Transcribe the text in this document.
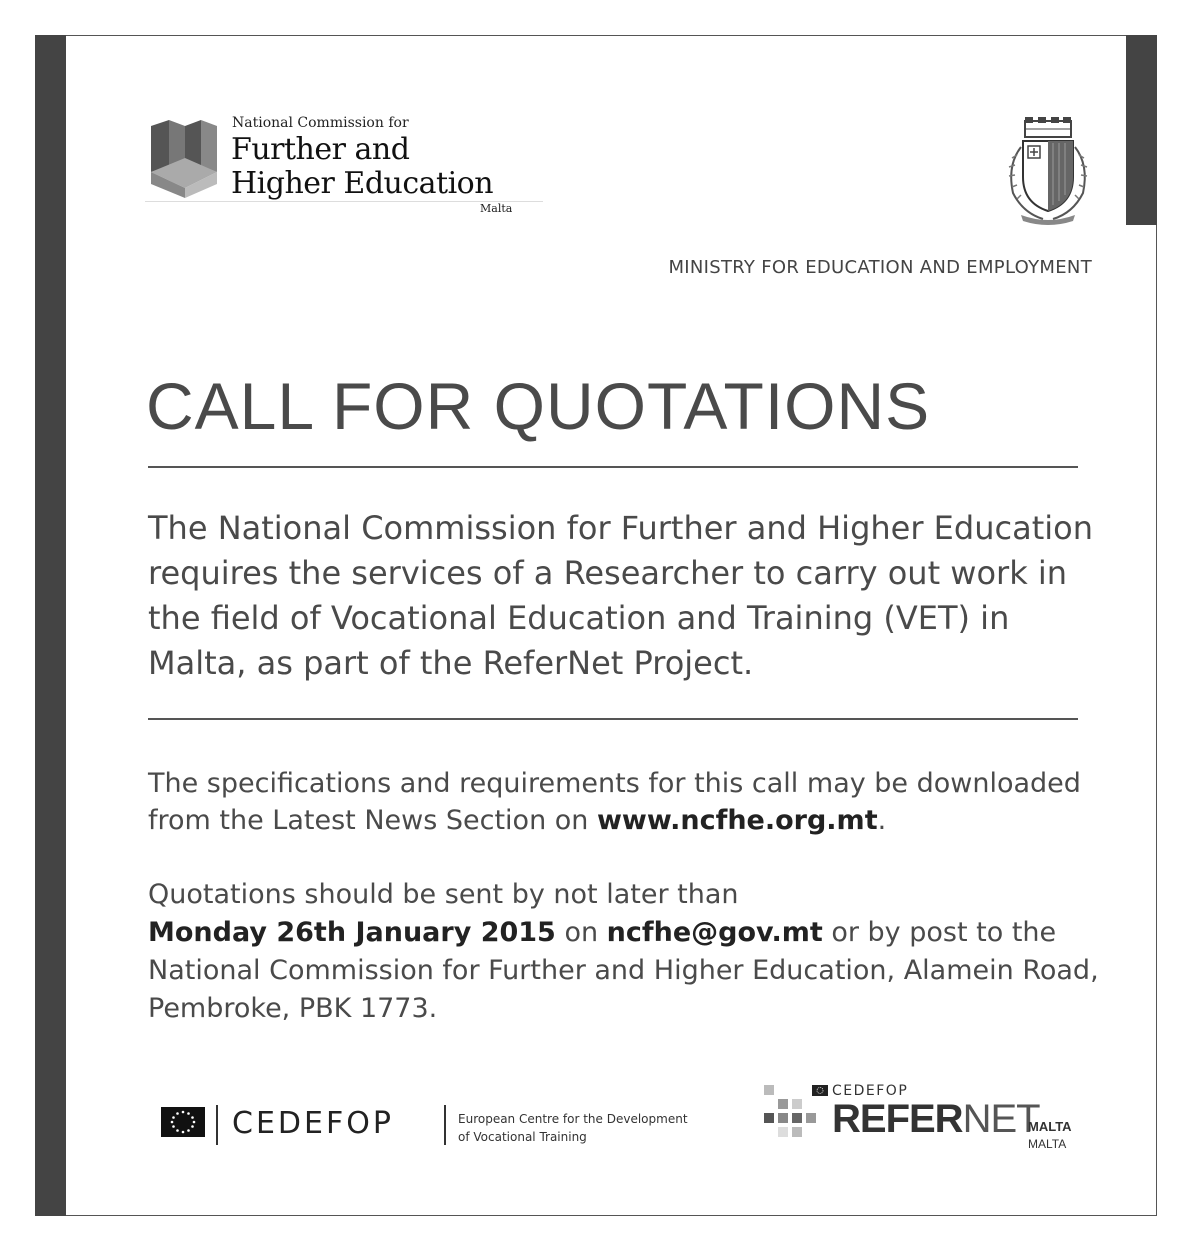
National Commission for
Further and
Higher Education
Malta
MINISTRY FOR EDUCATION AND EMPLOYMENT
CALL FOR QUOTATIONS
The National Commission for Further and Higher Education requires the services of a Researcher to carry out work in the field of Vocational Education and Training (VET) in Malta, as part of the ReferNet Project.
The specifications and requirements for this call may be downloaded from the Latest News Section on www.ncfhe.org.mt.
Quotations should be sent by not later than
Monday 26th January 2015 on ncfhe@gov.mt or by post to the National Commission for Further and Higher Education, Alamein Road, Pembroke, PBK 1773.
CEDEFOP	European Centre for the Development
of Vocational Training
CEDEFOP
REFERNET
MALTA
MALTA
